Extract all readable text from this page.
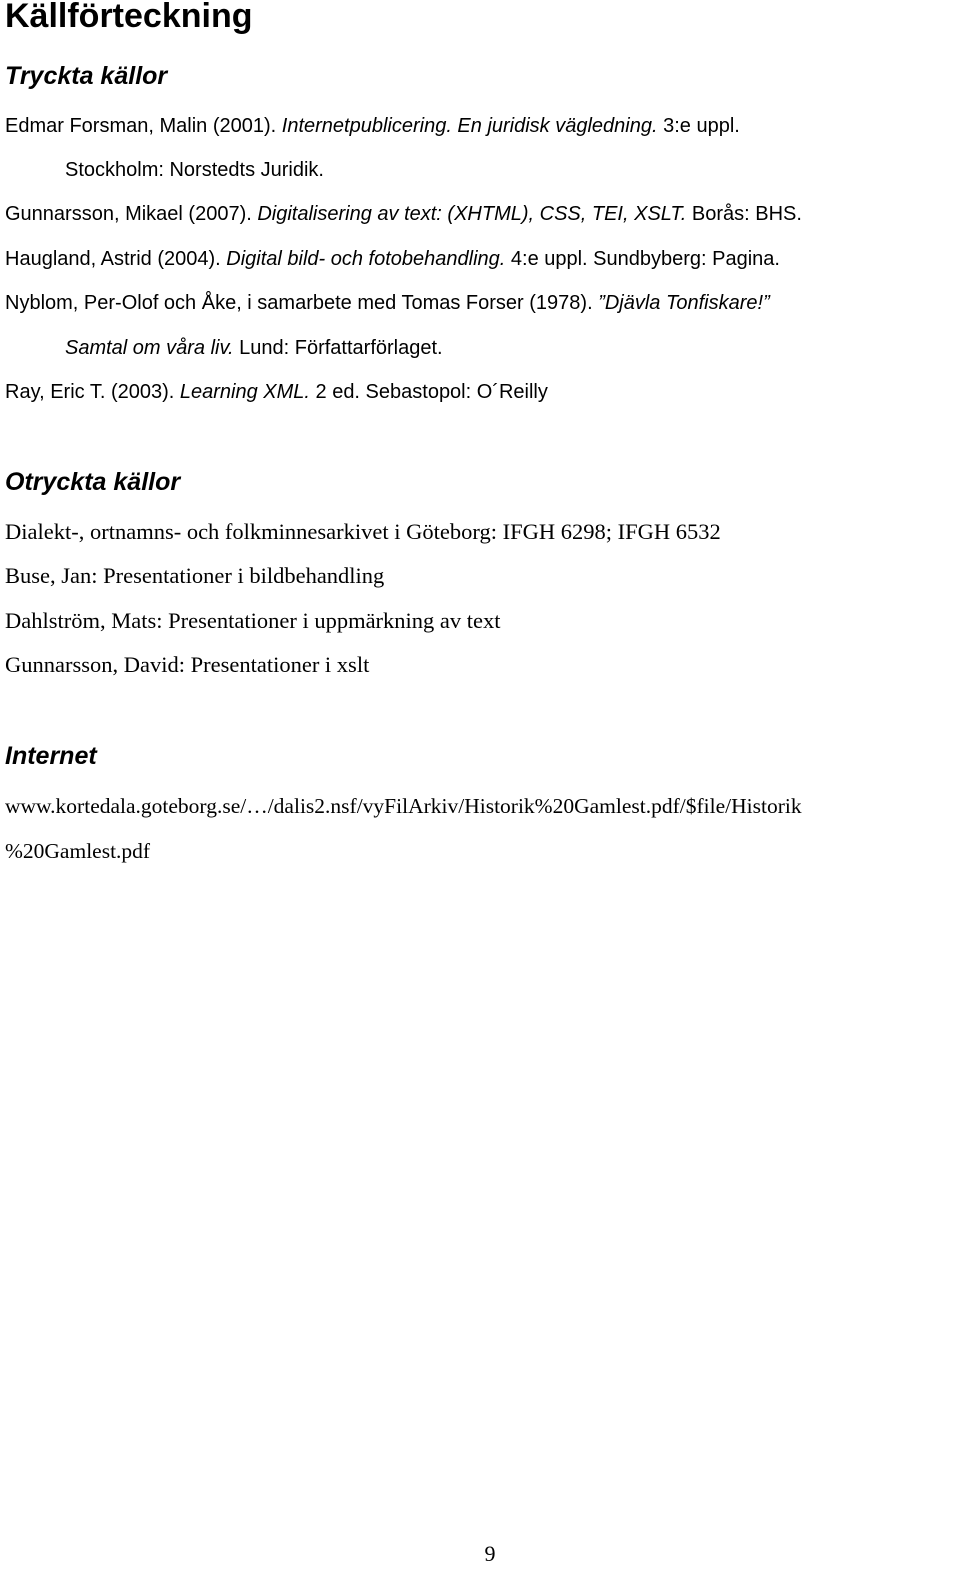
Källförteckning
Tryckta källor
Edmar Forsman, Malin (2001). Internetpublicering. En juridisk vägledning. 3:e uppl.
Stockholm: Norstedts Juridik.
Gunnarsson, Mikael (2007). Digitalisering av text: (XHTML), CSS, TEI, XSLT. Borås: BHS.
Haugland, Astrid (2004). Digital bild- och fotobehandling. 4:e uppl. Sundbyberg: Pagina.
Nyblom, Per-Olof och Åke, i samarbete med Tomas Forser (1978). ”Djävla Tonfiskare!”
Samtal om våra liv. Lund: Författarförlaget.
Ray, Eric T. (2003). Learning XML. 2 ed. Sebastopol: O´Reilly
Otryckta källor
Dialekt-, ortnamns- och folkminnesarkivet i Göteborg: IFGH 6298; IFGH 6532
Buse, Jan: Presentationer i bildbehandling
Dahlström, Mats: Presentationer i uppmärkning av text
Gunnarsson, David: Presentationer i xslt
Internet
www.kortedala.goteborg.se/…/dalis2.nsf/vyFilArkiv/Historik%20Gamlest.pdf/$file/Historik
%20Gamlest.pdf
9
